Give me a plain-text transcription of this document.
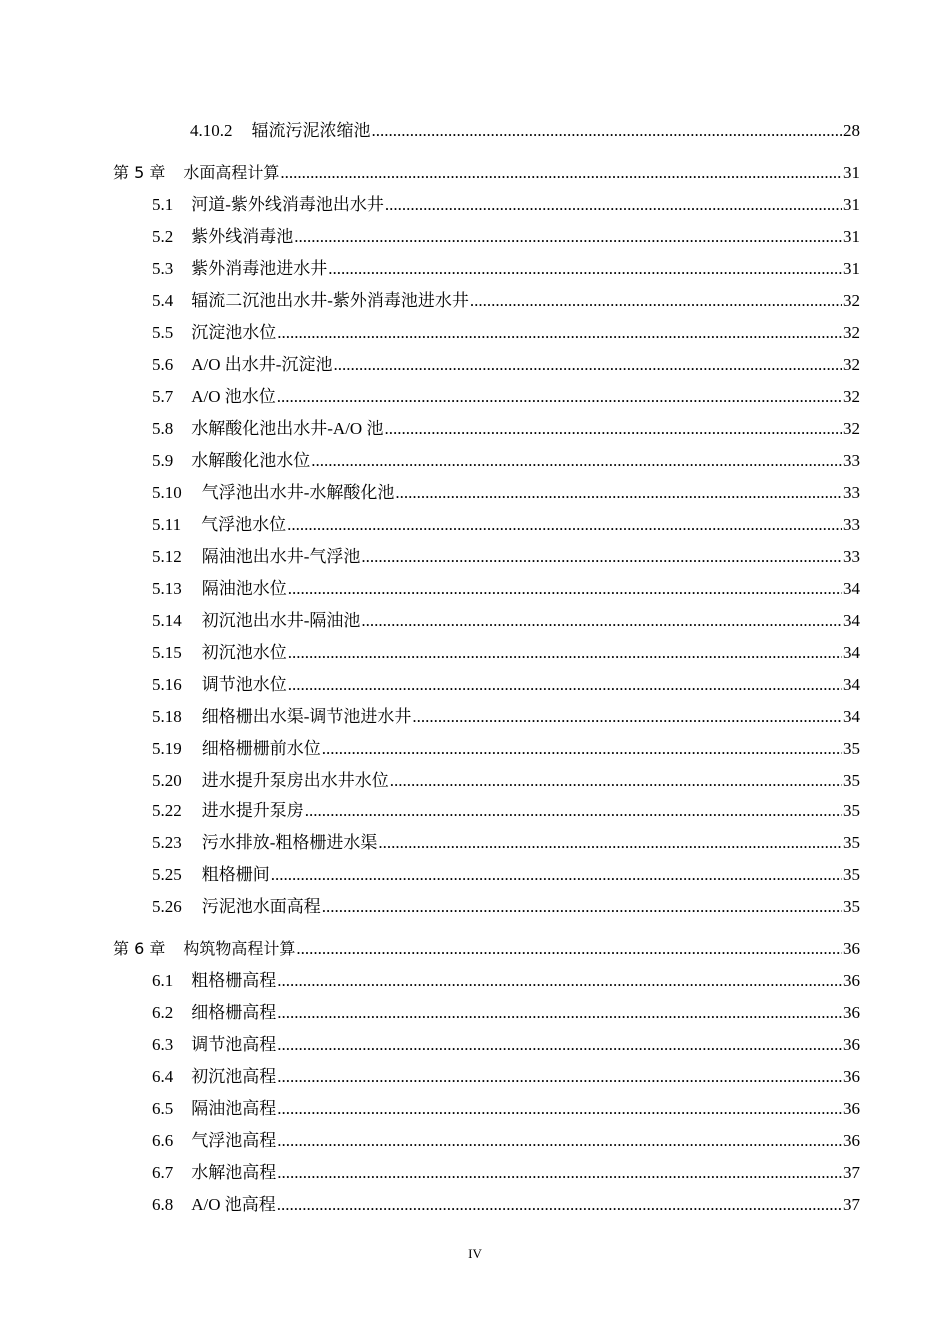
4.10.2 辐流污泥浓缩池 .....	28
第 5 章 水面高程计算 .....	31
5.1 河道-紫外线消毒池出水井 .....	31
5.2 紫外线消毒池 .....	31
5.3 紫外消毒池进水井 .....	31
5.4 辐流二沉池出水井-紫外消毒池进水井 .....	32
5.5 沉淀池水位 .....	32
5.6 A/O 出水井-沉淀池 .....	32
5.7 A/O 池水位 .....	32
5.8 水解酸化池出水井-A/O 池 .....	32
5.9 水解酸化池水位 .....	33
5.10 气浮池出水井-水解酸化池 .....	33
5.11 气浮池水位 .....	33
5.12 隔油池出水井-气浮池 .....	33
5.13 隔油池水位 .....	34
5.14 初沉池出水井-隔油池 .....	34
5.15 初沉池水位 .....	34
5.16 调节池水位 .....	34
5.18 细格栅出水渠-调节池进水井 .....	34
5.19 细格栅栅前水位 .....	35
5.20 进水提升泵房出水井水位 .....	35
5.22 进水提升泵房 .....	35
5.23 污水排放-粗格栅进水渠 .....	35
5.25 粗格栅间 .....	35
5.26 污泥池水面高程 .....	35
第 6 章 构筑物高程计算 .....	36
6.1 粗格栅高程 .....	36
6.2 细格栅高程 .....	36
6.3 调节池高程 .....	36
6.4 初沉池高程 .....	36
6.5 隔油池高程 .....	36
6.6 气浮池高程 .....	36
6.7 水解池高程 .....	37
6.8 A/O 池高程 .....	37
IV
